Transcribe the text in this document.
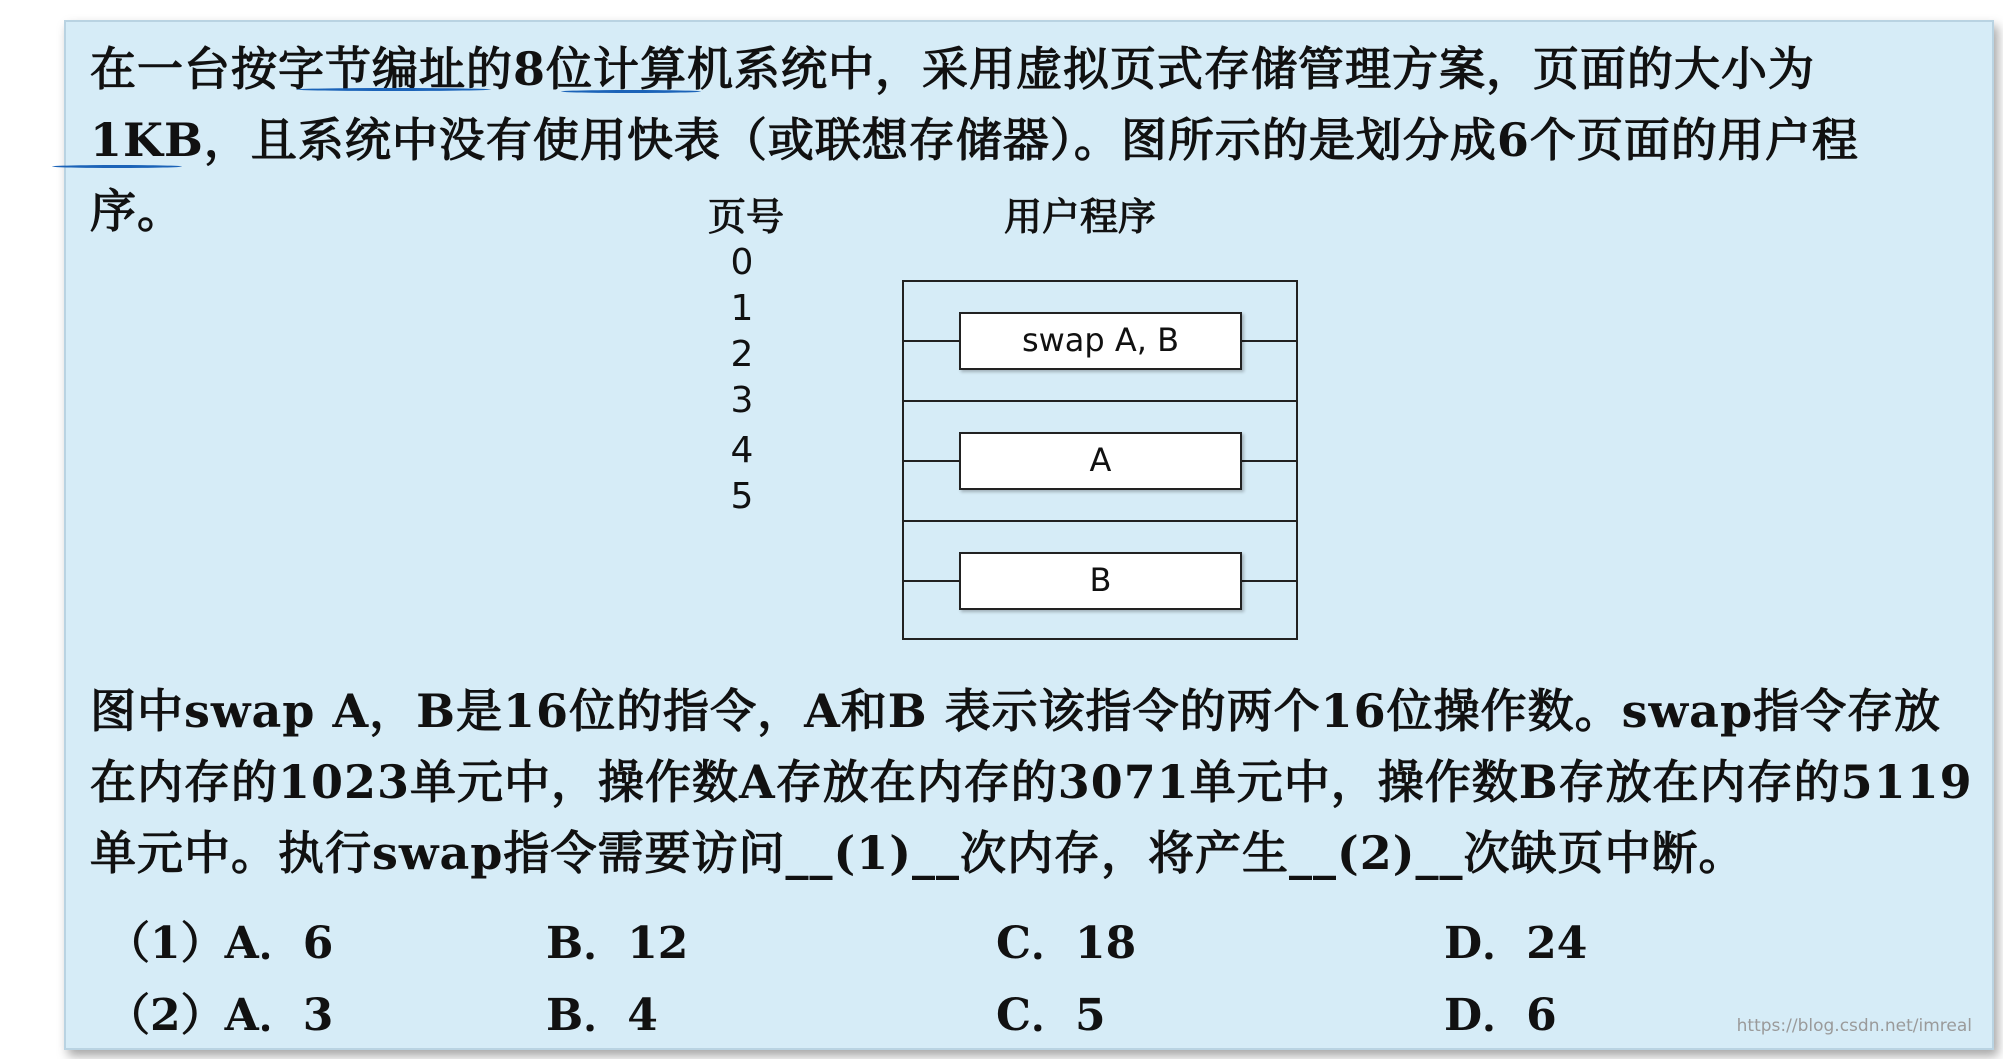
在一台按字节编址的8位计算机系统中，采用虚拟页式存储管理方案，页面的大小为
1KB，且系统中没有使用快表（或联想存储器）。图所示的是划分成6个页面的用户程
序。	页号	用户程序
0
1
2
3
4
5
swap A, B
A
B
图中swap A，B是16位的指令，A和B 表示该指令的两个16位操作数。swap指令存放
在内存的1023单元中，操作数A存放在内存的3071单元中，操作数B存放在内存的5119
单元中。执行swap指令需要访问__(1)__次内存，将产生__(2)__次缺页中断。
（1）A．6	B．12	C．18	D．24
（2）A．3	B．4	C．5	D．6	https://blog.csdn.net/imreal
